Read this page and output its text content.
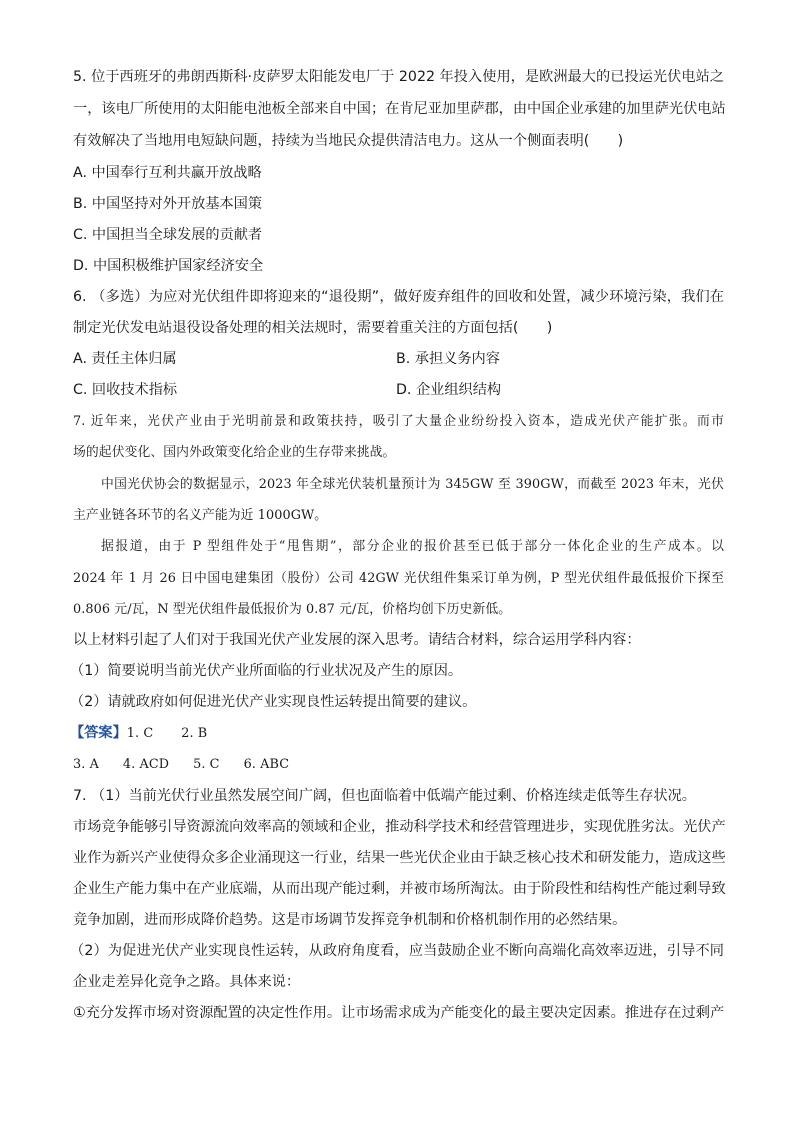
5. 位于西班牙的弗朗西斯科·皮萨罗太阳能发电厂于 2022 年投入使用，是欧洲最大的已投运光伏电站之
一，该电厂所使用的太阳能电池板全部来自中国；在肯尼亚加里萨郡，由中国企业承建的加里萨光伏电站
有效解决了当地用电短缺问题，持续为当地民众提供清洁电力。这从一个侧面表明(　　)
A. 中国奉行互利共赢开放战略
B. 中国坚持对外开放基本国策
C. 中国担当全球发展的贡献者
D. 中国积极维护国家经济安全
6. （多选）为应对光伏组件即将迎来的“退役期”，做好废弃组件的回收和处置，减少环境污染，我们在
制定光伏发电站退役设备处理的相关法规时，需要着重关注的方面包括(　　)
A. 责任主体归属	B. 承担义务内容
C. 回收技术指标	D. 企业组织结构
7. 近年来，光伏产业由于光明前景和政策扶持，吸引了大量企业纷纷投入资本，造成光伏产能扩张。而市
场的起伏变化、国内外政策变化给企业的生存带来挑战。
中国光伏协会的数据显示，2023 年全球光伏装机量预计为 345GW 至 390GW，而截至 2023 年末，光伏
主产业链各环节的名义产能为近 1000GW。
据报道，由于 P 型组件处于“甩售期”，部分企业的报价甚至已低于部分一体化企业的生产成本。以
2024 年 1 月 26 日中国电建集团（股份）公司 42GW 光伏组件集采订单为例，P 型光伏组件最低报价下探至
0.806 元/瓦，N 型光伏组件最低报价为 0.87 元/瓦，价格均创下历史新低。
以上材料引起了人们对于我国光伏产业发展的深入思考。请结合材料，综合运用学科内容：
（1）简要说明当前光伏产业所面临的行业状况及产生的原因。
（2）请就政府如何促进光伏产业实现良性运转提出简要的建议。
【答案】1. C 2. B
3. A 4. ACD 5. C 6. ABC
7. （1）当前光伏行业虽然发展空间广阔，但也面临着中低端产能过剩、价格连续走低等生存状况。
市场竞争能够引导资源流向效率高的领域和企业，推动科学技术和经营管理进步，实现优胜劣汰。光伏产
业作为新兴产业使得众多企业涌现这一行业，结果一些光伏企业由于缺乏核心技术和研发能力，造成这些
企业生产能力集中在产业底端，从而出现产能过剩，并被市场所淘汰。由于阶段性和结构性产能过剩导致
竞争加剧，进而形成降价趋势。这是市场调节发挥竞争机制和价格机制作用的必然结果。
（2）为促进光伏产业实现良性运转，从政府角度看，应当鼓励企业不断向高端化高效率迈进，引导不同
企业走差异化竞争之路。具体来说：
①充分发挥市场对资源配置的决定性作用。让市场需求成为产能变化的最主要决定因素。推进存在过剩产
